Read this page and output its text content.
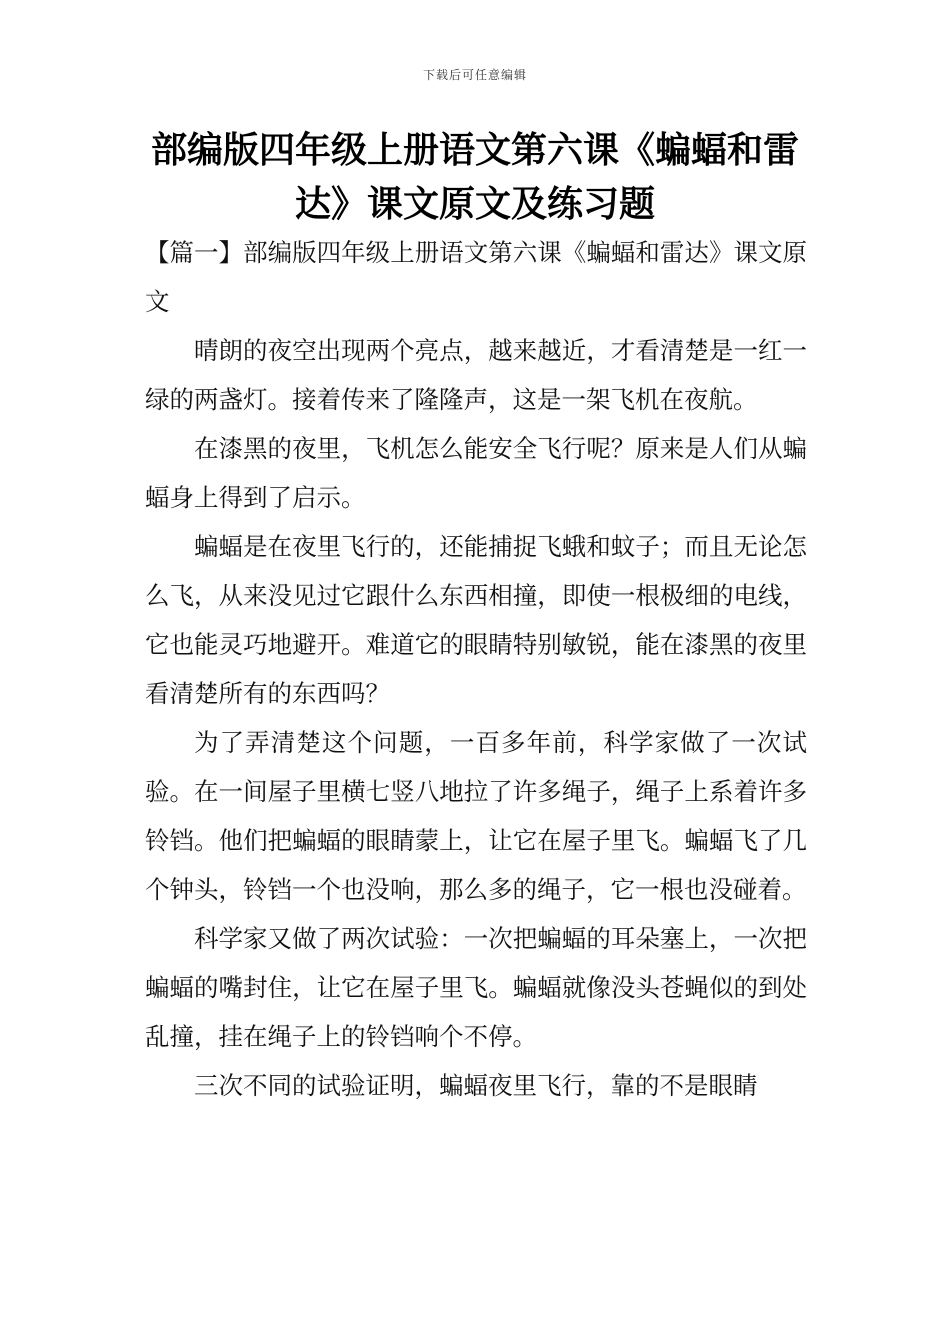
下载后可任意编辑
部编版四年级上册语文第六课《蝙蝠和雷达》课文原文及练习题

【篇一】部编版四年级上册语文第六课《蝙蝠和雷达》课文原文

晴朗的夜空出现两个亮点，越来越近，才看清楚是一红一绿的两盏灯。接着传来了隆隆声，这是一架飞机在夜航。

在漆黑的夜里，飞机怎么能安全飞行呢？原来是人们从蝙蝠身上得到了启示。

蝙蝠是在夜里飞行的，还能捕捉飞蛾和蚊子；而且无论怎么飞，从来没见过它跟什么东西相撞，即使一根极细的电线，它也能灵巧地避开。难道它的眼睛特别敏锐，能在漆黑的夜里看清楚所有的东西吗？

为了弄清楚这个问题，一百多年前，科学家做了一次试验。在一间屋子里横七竖八地拉了许多绳子，绳子上系着许多铃铛。他们把蝙蝠的眼睛蒙上，让它在屋子里飞。蝙蝠飞了几个钟头，铃铛一个也没响，那么多的绳子，它一根也没碰着。

科学家又做了两次试验：一次把蝙蝠的耳朵塞上，一次把蝙蝠的嘴封住，让它在屋子里飞。蝙蝠就像没头苍蝇似的到处乱撞，挂在绳子上的铃铛响个不停。

三次不同的试验证明，蝙蝠夜里飞行，靠的不是眼睛
